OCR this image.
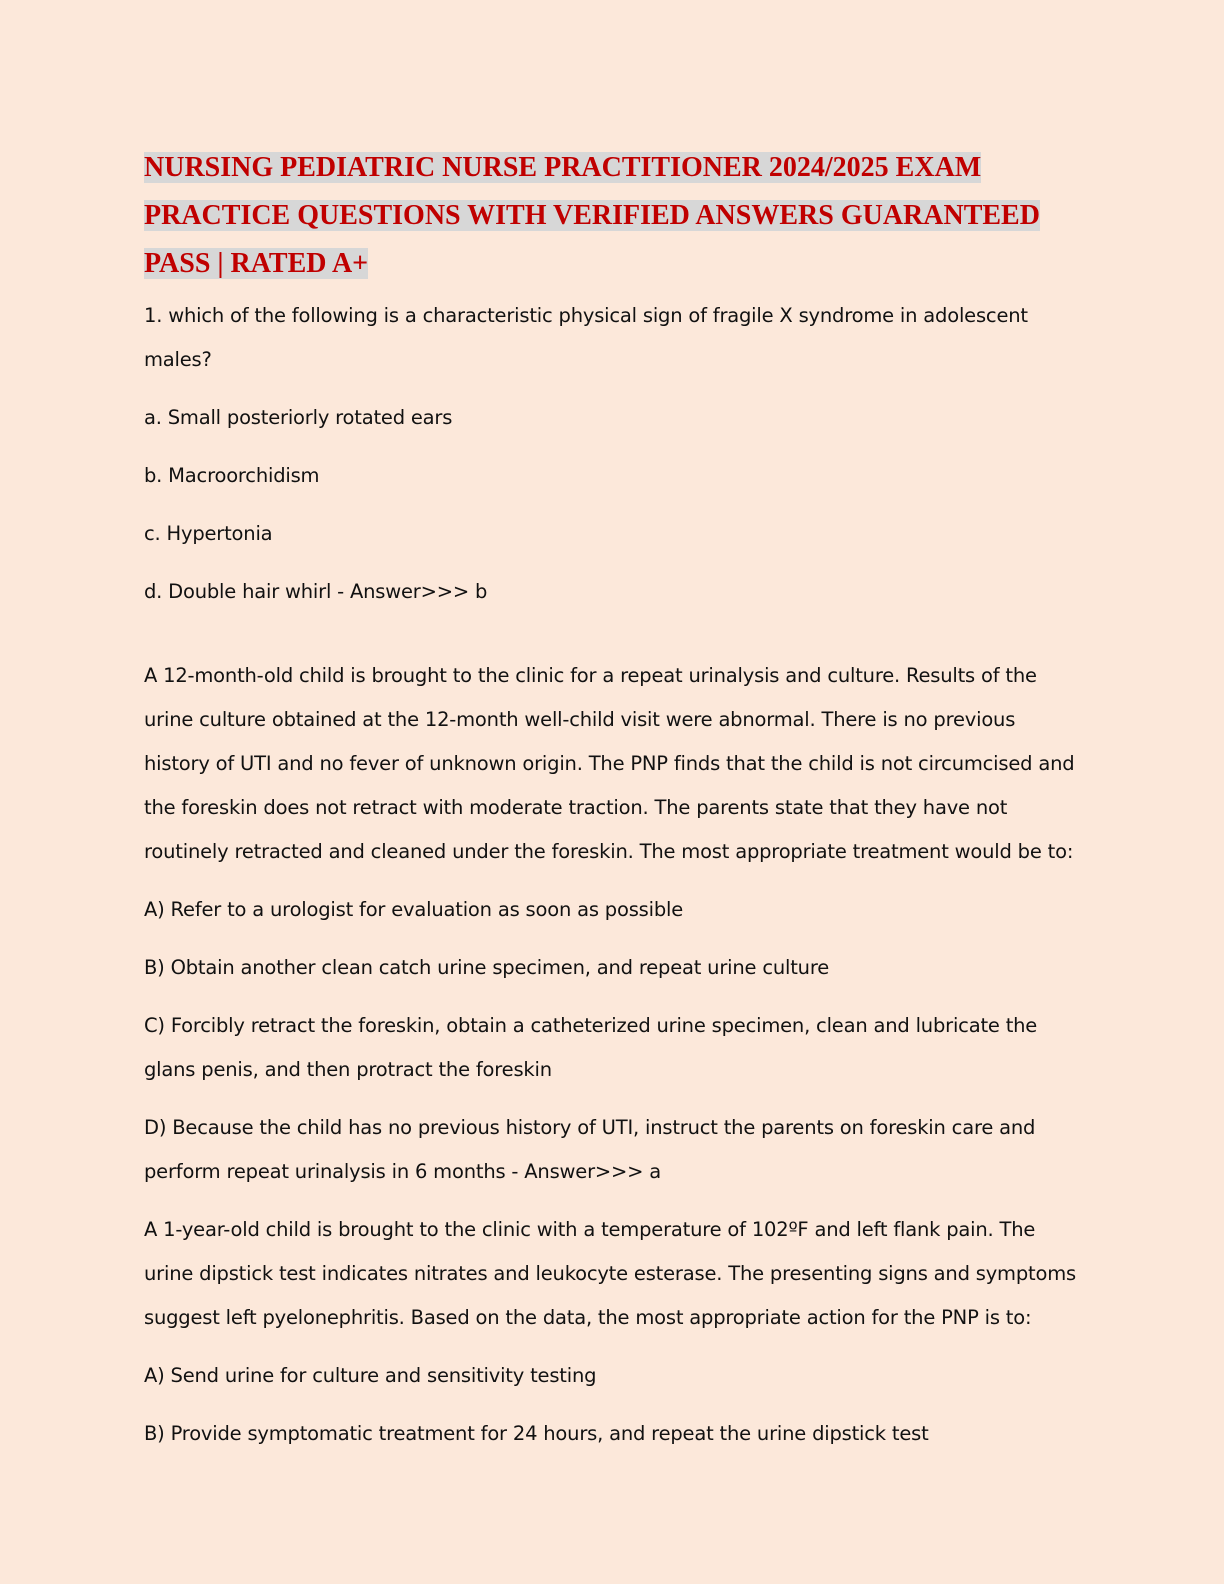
NURSING PEDIATRIC NURSE PRACTITIONER 2024/2025 EXAM PRACTICE QUESTIONS WITH VERIFIED ANSWERS GUARANTEED PASS | RATED A+

1. which of the following is a characteristic physical sign of fragile X syndrome in adolescent males?

a. Small posteriorly rotated ears

b. Macroorchidism

c. Hypertonia

d. Double hair whirl - Answer>>> b

A 12-month-old child is brought to the clinic for a repeat urinalysis and culture. Results of the urine culture obtained at the 12-month well-child visit were abnormal. There is no previous history of UTI and no fever of unknown origin. The PNP finds that the child is not circumcised and the foreskin does not retract with moderate traction. The parents state that they have not routinely retracted and cleaned under the foreskin. The most appropriate treatment would be to:

A) Refer to a urologist for evaluation as soon as possible

B) Obtain another clean catch urine specimen, and repeat urine culture

C) Forcibly retract the foreskin, obtain a catheterized urine specimen, clean and lubricate the glans penis, and then protract the foreskin

D) Because the child has no previous history of UTI, instruct the parents on foreskin care and perform repeat urinalysis in 6 months - Answer>>> a

A 1-year-old child is brought to the clinic with a temperature of 102ºF and left flank pain. The urine dipstick test indicates nitrates and leukocyte esterase. The presenting signs and symptoms suggest left pyelonephritis. Based on the data, the most appropriate action for the PNP is to:

A) Send urine for culture and sensitivity testing

B) Provide symptomatic treatment for 24 hours, and repeat the urine dipstick test
